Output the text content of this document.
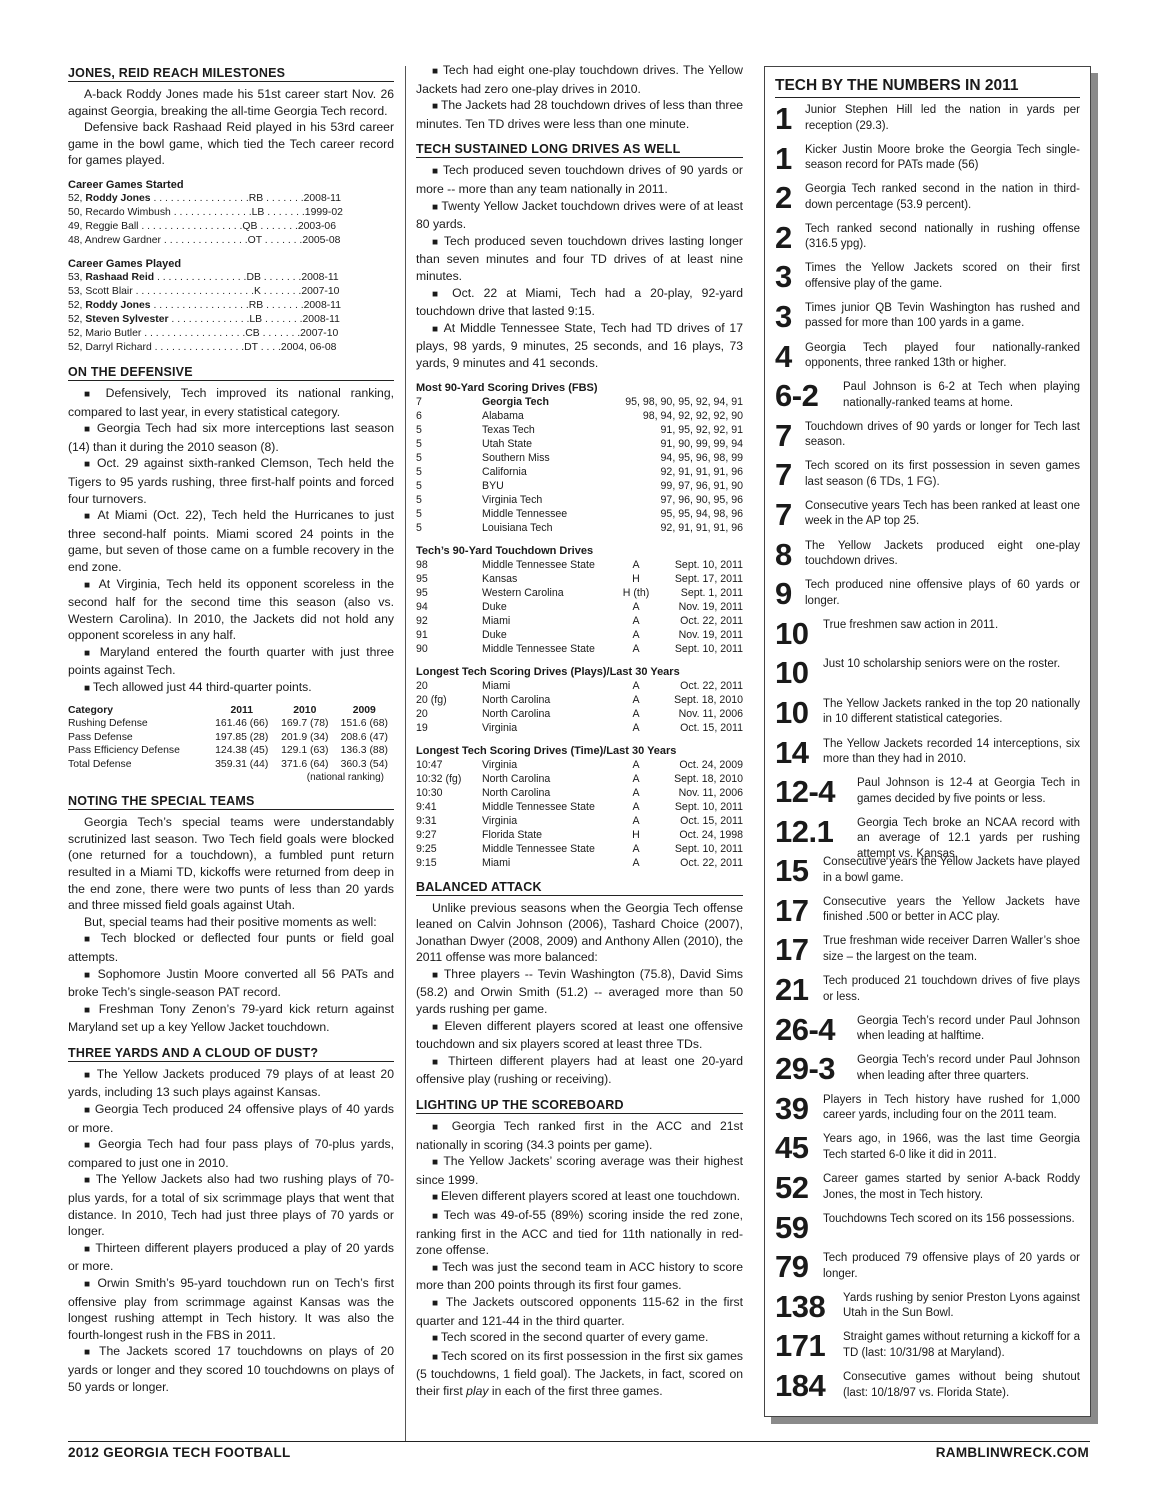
JONES, REID REACH MILESTONES

A-back Roddy Jones made his 51st career start Nov. 26 against Georgia, breaking the all-time Georgia Tech record.

Defensive back Rashaad Reid played in his 53rd career game in the bowl game, which tied the Tech career record for games played.

Career Games Started
52, Roddy Jones . . . . . . . . . . . . . . . . .RB . . . . . . .2008-11
50, Recardo Wimbush . . . . . . . . . . . . . .LB . . . . . . .1999-02
49, Reggie Ball . . . . . . . . . . . . . . . . . .QB . . . . . . .2003-06
48, Andrew Gardner . . . . . . . . . . . . . . .OT . . . . . . .2005-08
Career Games Played
53, Rashaad Reid . . . . . . . . . . . . . . . .DB . . . . . . .2008-11
53, Scott Blair . . . . . . . . . . . . . . . . . . . . .K . . . . . . .2007-10
52, Roddy Jones . . . . . . . . . . . . . . . . .RB . . . . . . .2008-11
52, Steven Sylvester . . . . . . . . . . . . . .LB . . . . . . .2008-11
52, Mario Butler . . . . . . . . . . . . . . . . . .CB . . . . . . .2007-10
52, Darryl Richard . . . . . . . . . . . . . . . .DT . . . .2004, 06-08
ON THE DEFENSIVE

■ Defensively, Tech improved its national ranking, compared to last year, in every statistical category.

■ Georgia Tech had six more interceptions last season (14) than it during the 2010 season (8).

■ Oct. 29 against sixth-ranked Clemson, Tech held the Tigers to 95 yards rushing, three first-half points and forced four turnovers.

■ At Miami (Oct. 22), Tech held the Hurricanes to just three second-half points. Miami scored 24 points in the game, but seven of those came on a fumble recovery in the end zone.

■ At Virginia, Tech held its opponent scoreless in the second half for the second time this season (also vs. Western Carolina). In 2010, the Jackets did not hold any opponent scoreless in any half.

■ Maryland entered the fourth quarter with just three points against Tech.

■ Tech allowed just 44 third-quarter points.

Category	2011	2010	2009
Rushing Defense	161.46 (66)	169.7 (78)	151.6 (68)
Pass Defense	197.85 (28)	201.9 (34)	208.6 (47)
Pass Efficiency Defense	124.38 (45)	129.1 (63)	136.3 (88)
Total Defense	359.31 (44)	371.6 (64)	360.3 (54)
(national ranking)
NOTING THE SPECIAL TEAMS

Georgia Tech’s special teams were understandably scrutinized last season. Two Tech field goals were blocked (one returned for a touchdown), a fumbled punt return resulted in a Miami TD, kickoffs were returned from deep in the end zone, there were two punts of less than 20 yards and three missed field goals against Utah.

But, special teams had their positive moments as well:

■ Tech blocked or deflected four punts or field goal attempts.

■ Sophomore Justin Moore converted all 56 PATs and broke Tech’s single-season PAT record.

■ Freshman Tony Zenon’s 79-yard kick return against Maryland set up a key Yellow Jacket touchdown.

THREE YARDS AND A CLOUD OF DUST?

■ The Yellow Jackets produced 79 plays of at least 20 yards, including 13 such plays against Kansas.

■ Georgia Tech produced 24 offensive plays of 40 yards or more.

■ Georgia Tech had four pass plays of 70-plus yards, compared to just one in 2010.

■ The Yellow Jackets also had two rushing plays of 70-plus yards, for a total of six scrimmage plays that went that distance. In 2010, Tech had just three plays of 70 yards or longer.

■ Thirteen different players produced a play of 20 yards or more.

■ Orwin Smith’s 95-yard touchdown run on Tech’s first offensive play from scrimmage against Kansas was the longest rushing attempt in Tech history. It was also the fourth-longest rush in the FBS in 2011.

■ The Jackets scored 17 touchdowns on plays of 20 yards or longer and they scored 10 touchdowns on plays of 50 yards or longer.

■ Tech had eight one-play touchdown drives. The Yellow Jackets had zero one-play drives in 2010.

■ The Jackets had 28 touchdown drives of less than three minutes. Ten TD drives were less than one minute.

TECH SUSTAINED LONG DRIVES AS WELL

■ Tech produced seven touchdown drives of 90 yards or more -- more than any team nationally in 2011.

■ Twenty Yellow Jacket touchdown drives were of at least 80 yards.

■ Tech produced seven touchdown drives lasting longer than seven minutes and four TD drives of at least nine minutes.

■ Oct. 22 at Miami, Tech had a 20-play, 92-yard touchdown drive that lasted 9:15.

■ At Middle Tennessee State, Tech had TD drives of 17 plays, 98 yards, 9 minutes, 25 seconds, and 16 plays, 73 yards, 9 minutes and 41 seconds.

Most 90-Yard Scoring Drives (FBS)
7	Georgia Tech	95, 98, 90, 95, 92, 94, 91
6	Alabama	98, 94, 92, 92, 92, 90
5	Texas Tech	91, 95, 92, 92, 91
5	Utah State	91, 90, 99, 99, 94
5	Southern Miss	94, 95, 96, 98, 99
5	California	92, 91, 91, 91, 96
5	BYU	99, 97, 96, 91, 90
5	Virginia Tech	97, 96, 90, 95, 96
5	Middle Tennessee	95, 95, 94, 98, 96
5	Louisiana Tech	92, 91, 91, 91, 96
Tech’s 90-Yard Touchdown Drives
98	Middle Tennessee State	A	Sept. 10, 2011
95	Kansas	H	Sept. 17, 2011
95	Western Carolina	H (th)	Sept. 1, 2011
94	Duke	A	Nov. 19, 2011
92	Miami	A	Oct. 22, 2011
91	Duke	A	Nov. 19, 2011
90	Middle Tennessee State	A	Sept. 10, 2011
Longest Tech Scoring Drives (Plays)/Last 30 Years
20	Miami	A	Oct. 22, 2011
20 (fg)	North Carolina	A	Sept. 18, 2010
20	North Carolina	A	Nov. 11, 2006
19	Virginia	A	Oct. 15, 2011
Longest Tech Scoring Drives (Time)/Last 30 Years
10:47	Virginia	A	Oct. 24, 2009
10:32 (fg)	North Carolina	A	Sept. 18, 2010
10:30	North Carolina	A	Nov. 11, 2006
9:41	Middle Tennessee State	A	Sept. 10, 2011
9:31	Virginia	A	Oct. 15, 2011
9:27	Florida State	H	Oct. 24, 1998
9:25	Middle Tennessee State	A	Sept. 10, 2011
9:15	Miami	A	Oct. 22, 2011
BALANCED ATTACK

Unlike previous seasons when the Georgia Tech offense leaned on Calvin Johnson (2006), Tashard Choice (2007), Jonathan Dwyer (2008, 2009) and Anthony Allen (2010), the 2011 offense was more balanced:

■ Three players -- Tevin Washington (75.8), David Sims (58.2) and Orwin Smith (51.2) -- averaged more than 50 yards rushing per game.

■ Eleven different players scored at least one offensive touchdown and six players scored at least three TDs.

■ Thirteen different players had at least one 20-yard offensive play (rushing or receiving).

LIGHTING UP THE SCOREBOARD

■ Georgia Tech ranked first in the ACC and 21st nationally in scoring (34.3 points per game).

■ The Yellow Jackets’ scoring average was their highest since 1999.

■ Eleven different players scored at least one touchdown.

■ Tech was 49-of-55 (89%) scoring inside the red zone, ranking first in the ACC and tied for 11th nationally in red-zone offense.

■ Tech was just the second team in ACC history to score more than 200 points through its first four games.

■ The Jackets outscored opponents 115-62 in the first quarter and 121-44 in the third quarter.

■ Tech scored in the second quarter of every game.

■ Tech scored on its first possession in the first six games (5 touchdowns, 1 field goal). The Jackets, in fact, scored on their first play in each of the first three games.

TECH BY THE NUMBERS IN 2011
1	Junior Stephen Hill led the nation in yards per reception (29.3).
1	Kicker Justin Moore broke the Georgia Tech single-season record for PATs made (56)
2	Georgia Tech ranked second in the nation in third-down percentage (53.9 percent).
2	Tech ranked second nationally in rushing offense (316.5 ypg).
3	Times the Yellow Jackets scored on their first offensive play of the game.
3	Times junior QB Tevin Washington has rushed and passed for more than 100 yards in a game.
4	Georgia Tech played four nationally-ranked opponents, three ranked 13th or higher.
6-2	Paul Johnson is 6-2 at Tech when playing nationally-ranked teams at home.
7	Touchdown drives of 90 yards or longer for Tech last season.
7	Tech scored on its first possession in seven games last season (6 TDs, 1 FG).
7	Consecutive years Tech has been ranked at least one week in the AP top 25.
8	The Yellow Jackets produced eight one-play touchdown drives.
9	Tech produced nine offensive plays of 60 yards or longer.
10	True freshmen saw action in 2011.
10	Just 10 scholarship seniors were on the roster.
10	The Yellow Jackets ranked in the top 20 nationally in 10 different statistical categories.
14	The Yellow Jackets recorded 14 interceptions, six more than they had in 2010.
12-4	Paul Johnson is 12-4 at Georgia Tech in games decided by five points or less.
12.1	Georgia Tech broke an NCAA record with an average of 12.1 yards per rushing attempt vs. Kansas.
15	Consecutive years the Yellow Jackets have played in a bowl game.
17	Consecutive years the Yellow Jackets have finished .500 or better in ACC play.
17	True freshman wide receiver Darren Waller’s shoe size – the largest on the team.
21	Tech produced 21 touchdown drives of five plays or less.
26-4	Georgia Tech’s record under Paul Johnson when leading at halftime.
29-3	Georgia Tech’s record under Paul Johnson when leading after three quarters.
39	Players in Tech history have rushed for 1,000 career yards, including four on the 2011 team.
45	Years ago, in 1966, was the last time Georgia Tech started 6-0 like it did in 2011.
52	Career games started by senior A-back Roddy Jones, the most in Tech history.
59	Touchdowns Tech scored on its 156 possessions.
79	Tech produced 79 offensive plays of 20 yards or longer.
138	Yards rushing by senior Preston Lyons against Utah in the Sun Bowl.
171	Straight games without returning a kickoff for a TD (last: 10/31/98 at Maryland).
184	Consecutive games without being shutout (last: 10/18/97 vs. Florida State).
2012 GEORGIA TECH FOOTBALL	RAMBLINWRECK.COM
